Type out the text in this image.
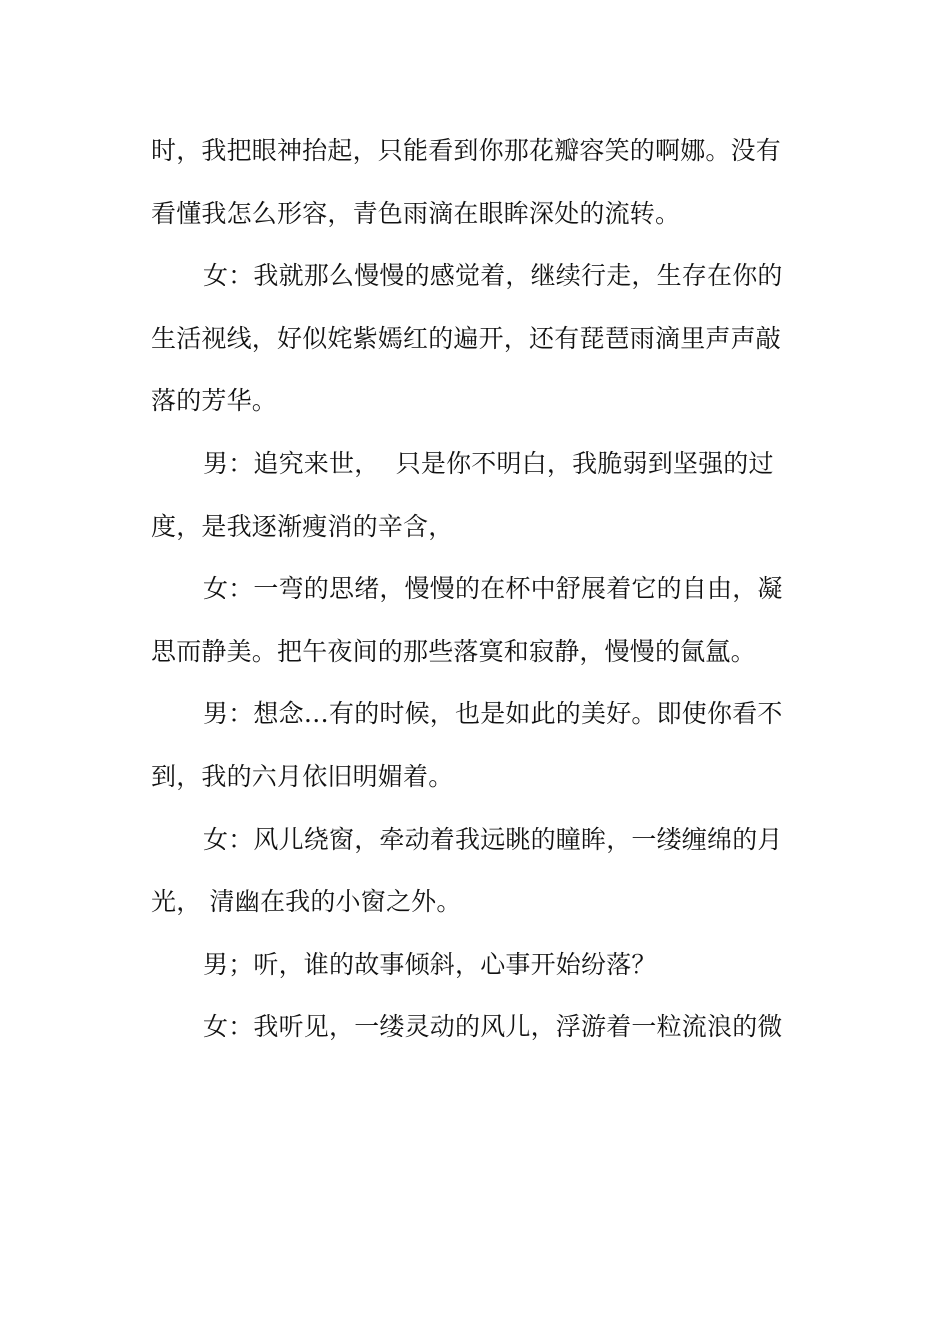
时，我把眼神抬起，只能看到你那花瓣容笑的啊娜。没有
看懂我怎么形容，青色雨滴在眼眸深处的流转。
女：我就那么慢慢的感觉着，继续行走，生存在你的
生活视线，好似姹紫嫣红的遍开，还有琵琶雨滴里声声敲
落的芳华。
男：追究来世，  只是你不明白，我脆弱到坚强的过
度，是我逐渐瘦消的辛含，
女：一弯的思绪，慢慢的在杯中舒展着它的自由，凝
思而静美。把午夜间的那些落寞和寂静，慢慢的氤氲。
男：想念…有的时候，也是如此的美好。即使你看不
到，我的六月依旧明媚着。
女：风儿绕窗，牵动着我远眺的瞳眸，一缕缠绵的月
光， 清幽在我的小窗之外。
男；听，谁的故事倾斜，心事开始纷落？
女：我听见，一缕灵动的风儿，浮游着一粒流浪的微
